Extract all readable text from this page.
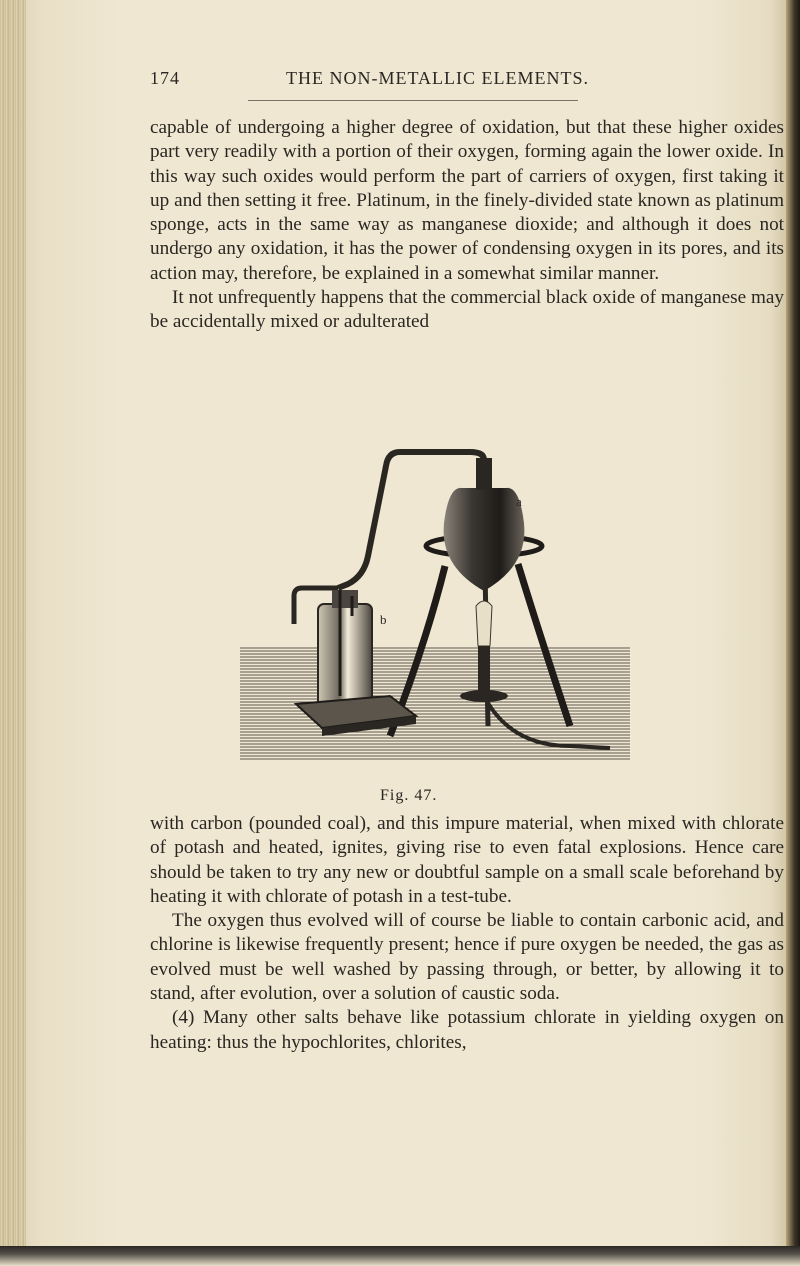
174	THE NON-METALLIC ELEMENTS.

capable of undergoing a higher degree of oxidation, but that these higher oxides part very readily with a portion of their oxygen, forming again the lower oxide. In this way such oxides would perform the part of carriers of oxygen, first taking it up and then setting it free. Platinum, in the finely-divided state known as platinum sponge, acts in the same way as manganese dioxide; and although it does not undergo any oxidation, it has the power of condensing oxygen in its pores, and its action may, therefore, be explained in a somewhat similar manner.

It not unfrequently happens that the commercial black oxide of manganese may be accidentally mixed or adulterated

a
b
Fig. 47.

with carbon (pounded coal), and this impure material, when mixed with chlorate of potash and heated, ignites, giving rise to even fatal explosions. Hence care should be taken to try any new or doubtful sample on a small scale beforehand by heating it with chlorate of potash in a test-tube.

The oxygen thus evolved will of course be liable to contain carbonic acid, and chlorine is likewise frequently present; hence if pure oxygen be needed, the gas as evolved must be well washed by passing through, or better, by allowing it to stand, after evolution, over a solution of caustic soda.

(4) Many other salts behave like potassium chlorate in yielding oxygen on heating: thus the hypochlorites, chlorites,
